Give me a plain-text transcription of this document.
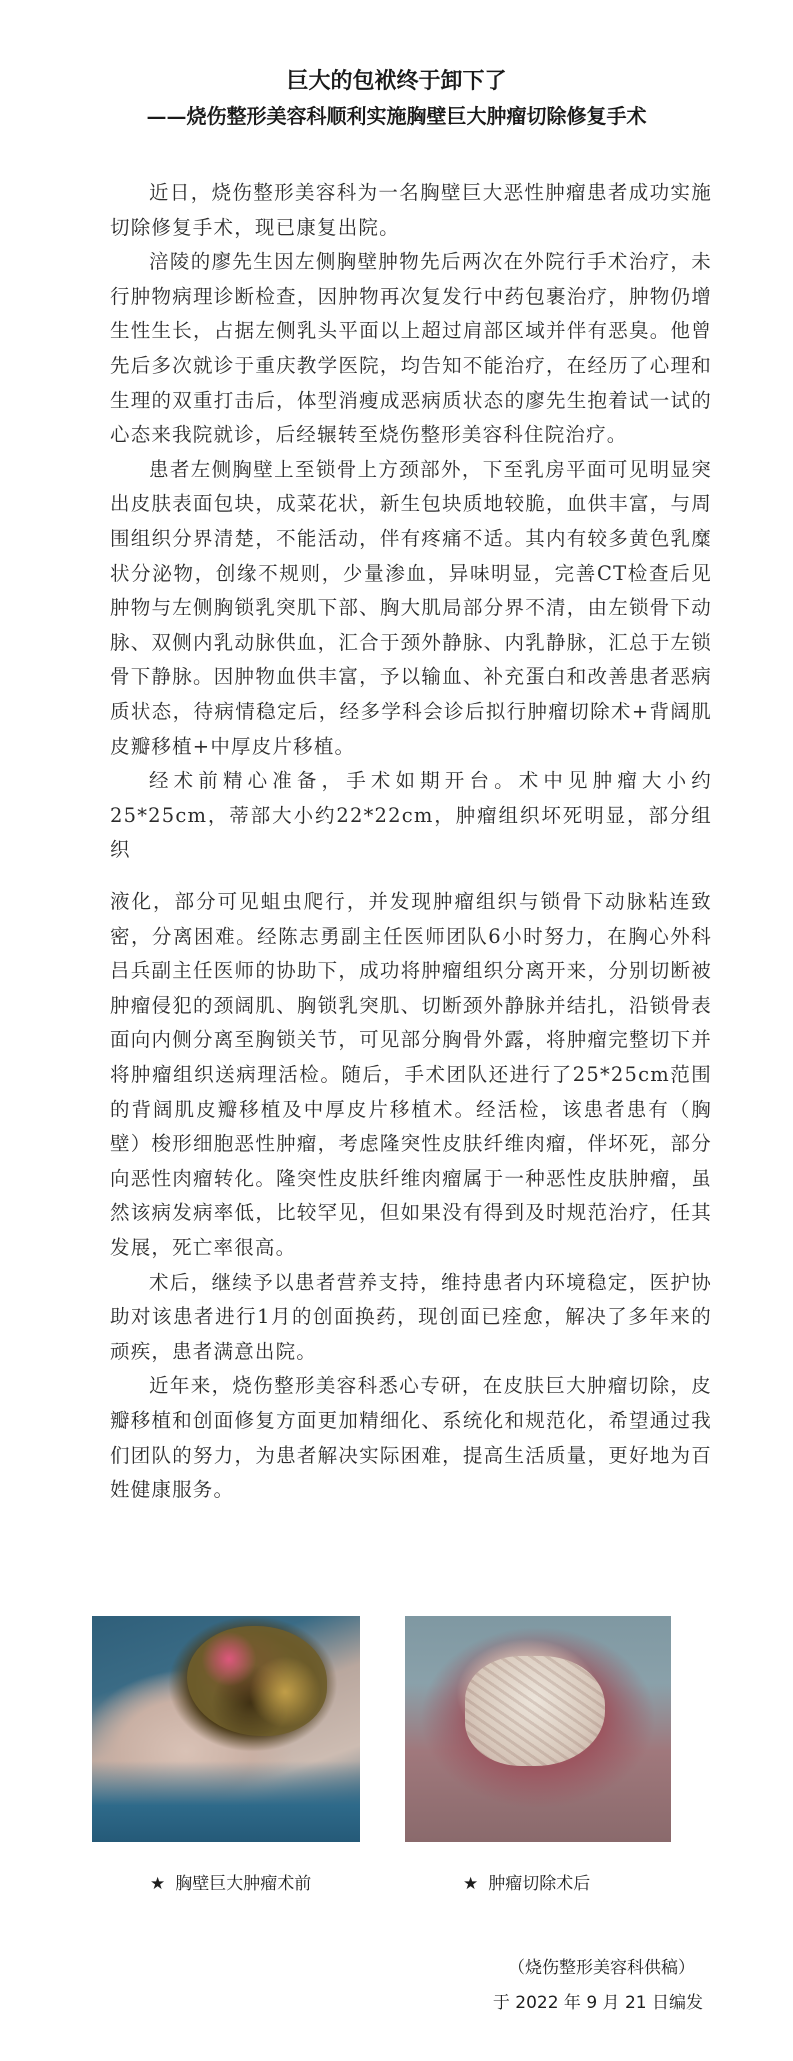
巨大的包袱终于卸下了
——烧伤整形美容科顺利实施胸壁巨大肿瘤切除修复手术

近日，烧伤整形美容科为一名胸壁巨大恶性肿瘤患者成功实施切除修复手术，现已康复出院。

涪陵的廖先生因左侧胸壁肿物先后两次在外院行手术治疗，未行肿物病理诊断检查，因肿物再次复发行中药包裹治疗，肿物仍增生性生长，占据左侧乳头平面以上超过肩部区域并伴有恶臭。他曾先后多次就诊于重庆教学医院，均告知不能治疗，在经历了心理和生理的双重打击后，体型消瘦成恶病质状态的廖先生抱着试一试的心态来我院就诊，后经辗转至烧伤整形美容科住院治疗。

患者左侧胸壁上至锁骨上方颈部外，下至乳房平面可见明显突出皮肤表面包块，成菜花状，新生包块质地较脆，血供丰富，与周围组织分界清楚，不能活动，伴有疼痛不适。其内有较多黄色乳糜状分泌物，创缘不规则，少量渗血，异味明显，完善CT检查后见肿物与左侧胸锁乳突肌下部、胸大肌局部分界不清，由左锁骨下动脉、双侧内乳动脉供血，汇合于颈外静脉、内乳静脉，汇总于左锁骨下静脉。因肿物血供丰富，予以输血、补充蛋白和改善患者恶病质状态，待病情稳定后，经多学科会诊后拟行肿瘤切除术+背阔肌皮瓣移植+中厚皮片移植。

经术前精心准备，手术如期开台。术中见肿瘤大小约25*25cm，蒂部大小约22*22cm，肿瘤组织坏死明显，部分组织

液化，部分可见蛆虫爬行，并发现肿瘤组织与锁骨下动脉粘连致密，分离困难。经陈志勇副主任医师团队6小时努力，在胸心外科吕兵副主任医师的协助下，成功将肿瘤组织分离开来，分别切断被肿瘤侵犯的颈阔肌、胸锁乳突肌、切断颈外静脉并结扎，沿锁骨表面向内侧分离至胸锁关节，可见部分胸骨外露，将肿瘤完整切下并将肿瘤组织送病理活检。随后，手术团队还进行了25*25cm范围的背阔肌皮瓣移植及中厚皮片移植术。经活检，该患者患有（胸壁）梭形细胞恶性肿瘤，考虑隆突性皮肤纤维肉瘤，伴坏死，部分向恶性肉瘤转化。隆突性皮肤纤维肉瘤属于一种恶性皮肤肿瘤，虽然该病发病率低，比较罕见，但如果没有得到及时规范治疗，任其发展，死亡率很高。

术后，继续予以患者营养支持，维持患者内环境稳定，医护协助对该患者进行1月的创面换药，现创面已痊愈，解决了多年来的顽疾，患者满意出院。

近年来，烧伤整形美容科悉心专研，在皮肤巨大肿瘤切除，皮瓣移植和创面修复方面更加精细化、系统化和规范化，希望通过我们团队的努力，为患者解决实际困难，提高生活质量，更好地为百姓健康服务。

★ 胸壁巨大肿瘤术前	★ 肿瘤切除术后
（烧伤整形美容科供稿）
于 2022 年 9 月 21 日编发
